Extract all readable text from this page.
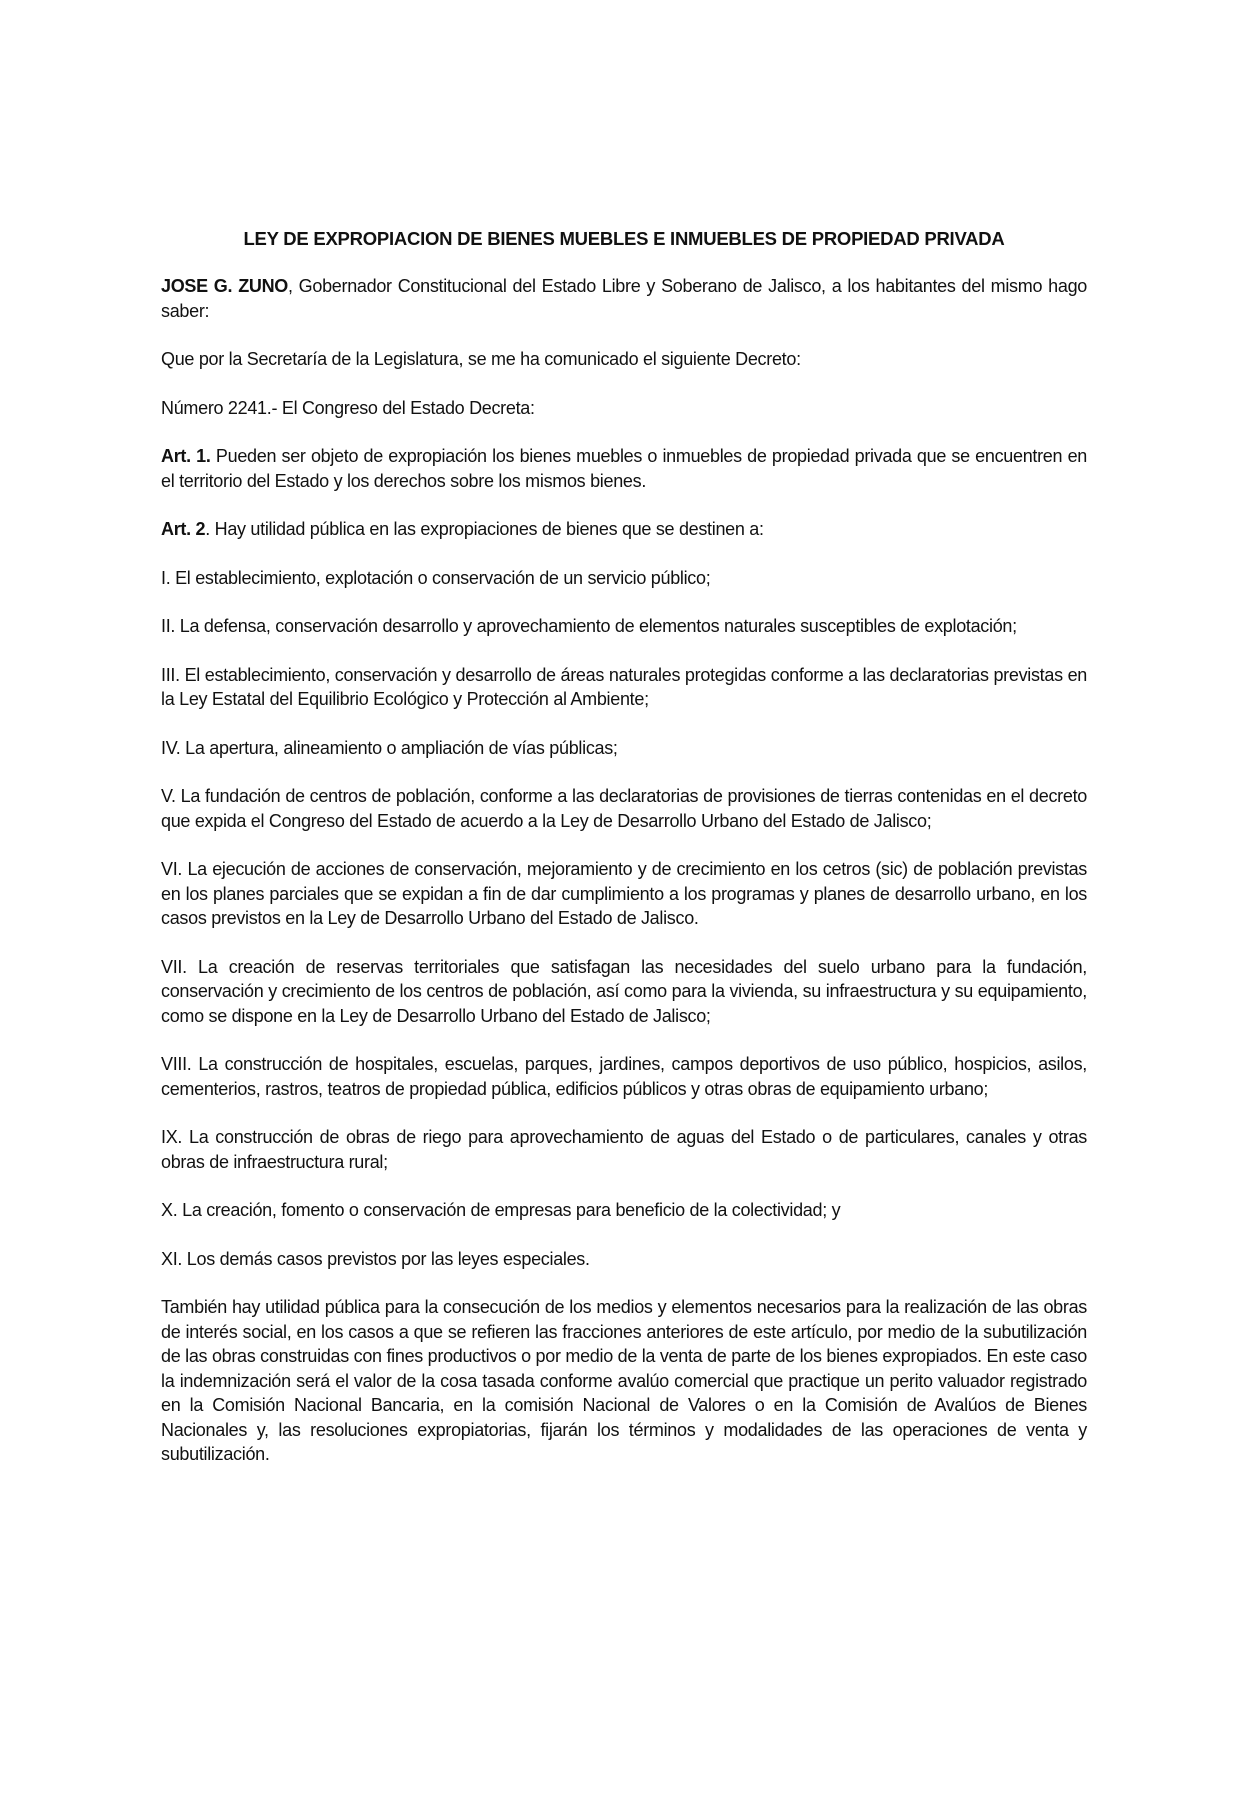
LEY DE EXPROPIACION DE BIENES MUEBLES E INMUEBLES DE PROPIEDAD PRIVADA

JOSE G. ZUNO, Gobernador Constitucional del Estado Libre y Soberano de Jalisco, a los habitantes del mismo hago saber:

Que por la Secretaría de la Legislatura, se me ha comunicado el siguiente Decreto:

Número 2241.- El Congreso del Estado Decreta:

Art. 1. Pueden ser objeto de expropiación los bienes muebles o inmuebles de propiedad privada que se encuentren en el territorio del Estado y los derechos sobre los mismos bienes.

Art. 2. Hay utilidad pública en las expropiaciones de bienes que se destinen a:

I. El establecimiento, explotación o conservación de un servicio público;

II. La defensa, conservación desarrollo y aprovechamiento de elementos naturales susceptibles de explotación;

III. El establecimiento, conservación y desarrollo de áreas naturales protegidas conforme a las declaratorias previstas en la Ley Estatal del Equilibrio Ecológico y Protección al Ambiente;

IV. La apertura, alineamiento o ampliación de vías públicas;

V. La fundación de centros de población, conforme a las declaratorias de provisiones de tierras contenidas en el decreto que expida el Congreso del Estado de acuerdo a la Ley de Desarrollo Urbano del Estado de Jalisco;

VI. La ejecución de acciones de conservación, mejoramiento y de crecimiento en los cetros (sic) de población previstas en los planes parciales que se expidan a fin de dar cumplimiento a los programas y planes de desarrollo urbano, en los casos previstos en la Ley de Desarrollo Urbano del Estado de Jalisco.

VII. La creación de reservas territoriales que satisfagan las necesidades del suelo urbano para la fundación, conservación y crecimiento de los centros de población, así como para la vivienda, su infraestructura y su equipamiento, como se dispone en la Ley de Desarrollo Urbano del Estado de Jalisco;

VIII. La construcción de hospitales, escuelas, parques, jardines, campos deportivos de uso público, hospicios, asilos, cementerios, rastros, teatros de propiedad pública, edificios públicos y otras obras de equipamiento urbano;

IX. La construcción de obras de riego para aprovechamiento de aguas del Estado o de particulares, canales y otras obras de infraestructura rural;

X. La creación, fomento o conservación de empresas para beneficio de la colectividad; y

XI. Los demás casos previstos por las leyes especiales.

También hay utilidad pública para la consecución de los medios y elementos necesarios para la realización de las obras de interés social, en los casos a que se refieren las fracciones anteriores de este artículo, por medio de la subutilización de las obras construidas con fines productivos o por medio de la venta de parte de los bienes expropiados. En este caso la indemnización será el valor de la cosa tasada conforme avalúo comercial que practique un perito valuador registrado en la Comisión Nacional Bancaria, en la comisión Nacional de Valores o en la Comisión de Avalúos de Bienes Nacionales y, las resoluciones expropiatorias, fijarán los términos y modalidades de las operaciones de venta y subutilización.
